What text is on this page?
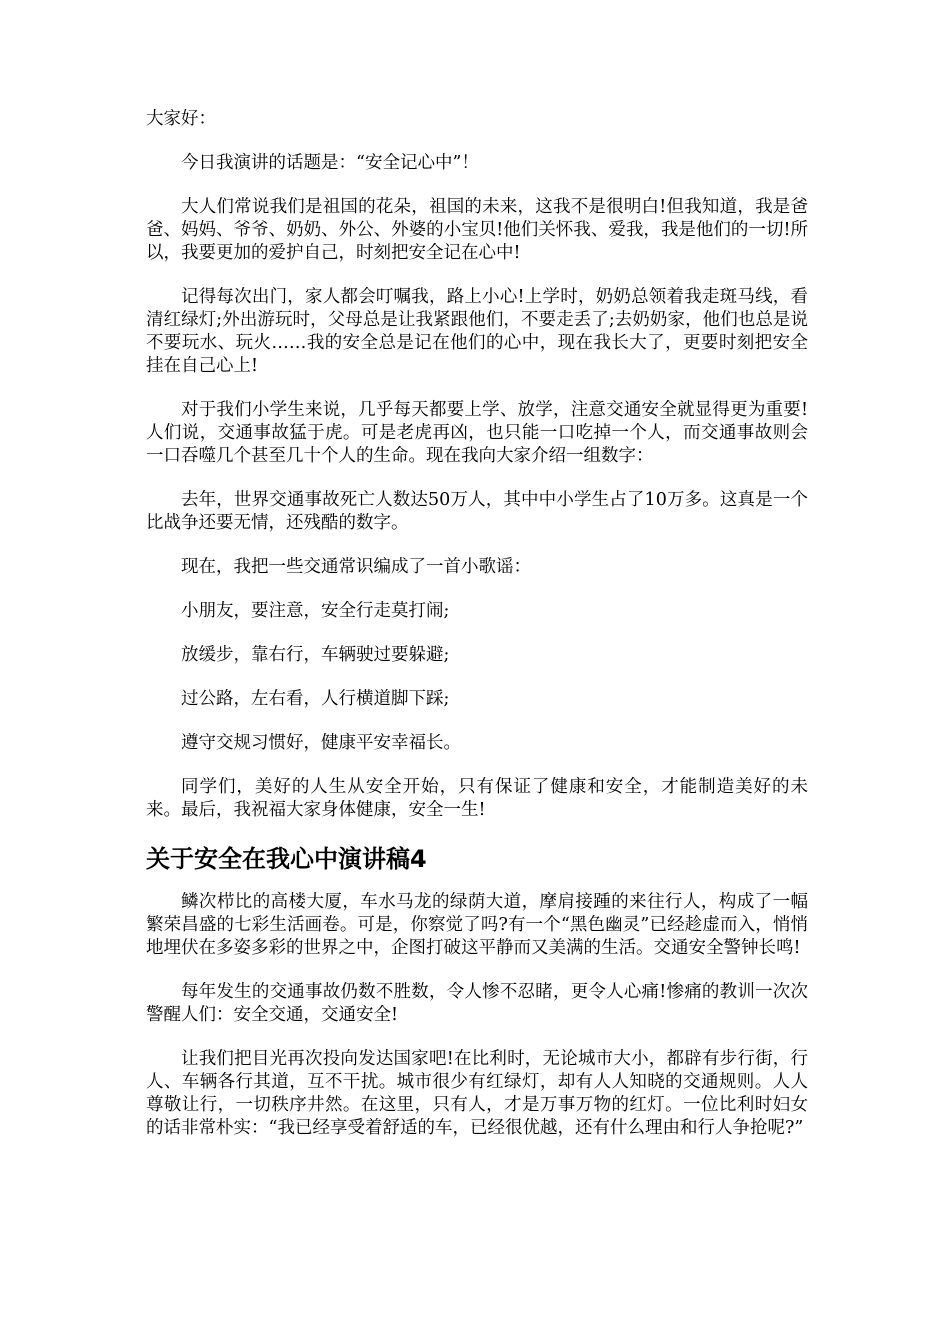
大家好：

今日我演讲的话题是：“安全记心中”！

大人们常说我们是祖国的花朵，祖国的未来，这我不是很明白!但我知道，我是爸爸、妈妈、爷爷、奶奶、外公、外婆的小宝贝!他们关怀我、爱我，我是他们的一切!所以，我要更加的爱护自己，时刻把安全记在心中!

记得每次出门，家人都会叮嘱我，路上小心!上学时，奶奶总领着我走斑马线，看清红绿灯;外出游玩时，父母总是让我紧跟他们，不要走丢了;去奶奶家，他们也总是说不要玩水、玩火……我的安全总是记在他们的心中，现在我长大了，更要时刻把安全挂在自己心上!

对于我们小学生来说，几乎每天都要上学、放学，注意交通安全就显得更为重要!人们说，交通事故猛于虎。可是老虎再凶，也只能一口吃掉一个人，而交通事故则会一口吞噬几个甚至几十个人的生命。现在我向大家介绍一组数字：

去年，世界交通事故死亡人数达50万人，其中中小学生占了10万多。这真是一个比战争还要无情，还残酷的数字。

现在，我把一些交通常识编成了一首小歌谣：

小朋友，要注意，安全行走莫打闹;

放缓步，靠右行，车辆驶过要躲避;

过公路，左右看，人行横道脚下踩;

遵守交规习惯好，健康平安幸福长。

同学们，美好的人生从安全开始，只有保证了健康和安全，才能制造美好的未来。最后，我祝福大家身体健康，安全一生!

关于安全在我心中演讲稿4

鳞次栉比的高楼大厦，车水马龙的绿荫大道，摩肩接踵的来往行人，构成了一幅繁荣昌盛的七彩生活画卷。可是，你察觉了吗?有一个“黑色幽灵”已经趁虚而入，悄悄地埋伏在多姿多彩的世界之中，企图打破这平静而又美满的生活。交通安全警钟长鸣!

每年发生的交通事故仍数不胜数，令人惨不忍睹，更令人心痛!惨痛的教训一次次警醒人们：安全交通，交通安全!

让我们把目光再次投向发达国家吧!在比利时，无论城市大小，都辟有步行街，行人、车辆各行其道，互不干扰。城市很少有红绿灯，却有人人知晓的交通规则。人人尊敬让行，一切秩序井然。在这里，只有人，才是万事万物的红灯。一位比利时妇女的话非常朴实：“我已经享受着舒适的车，已经很优越，还有什么理由和行人争抢呢?”
